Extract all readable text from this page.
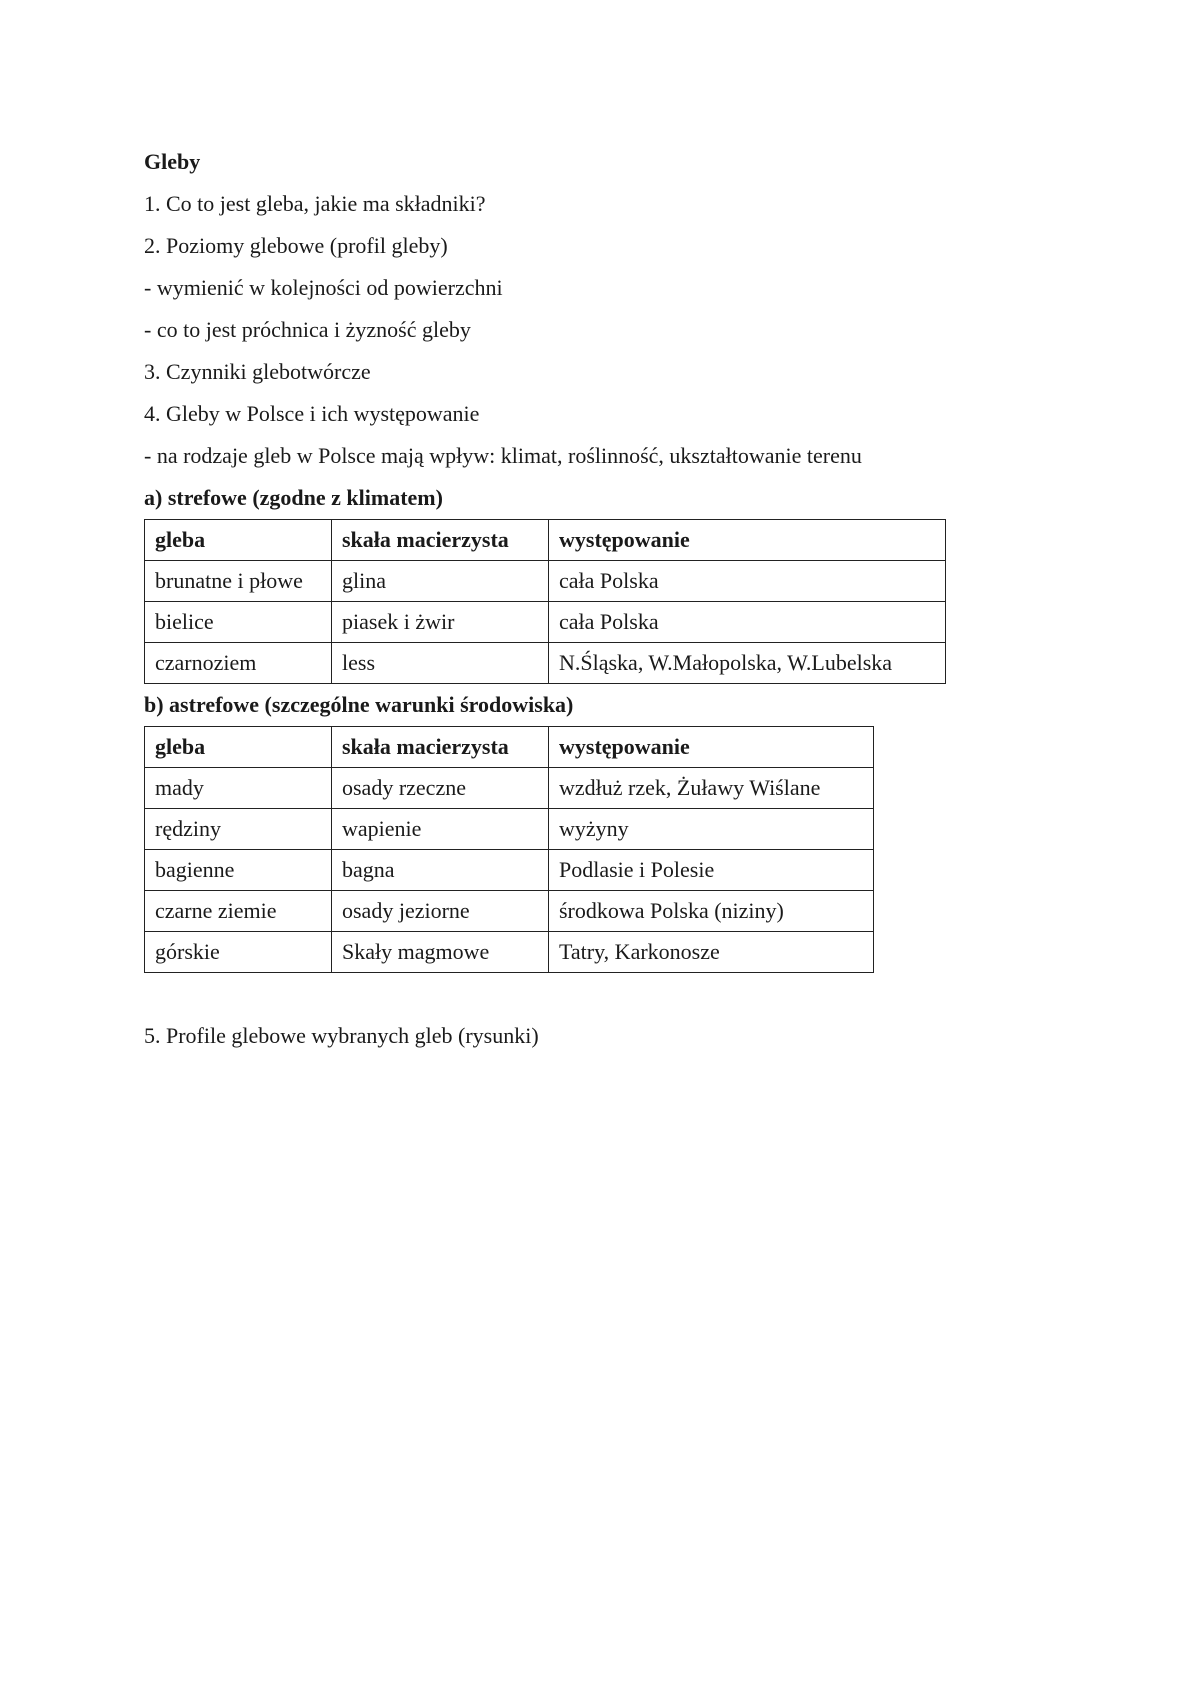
Gleby
1. Co to jest gleba, jakie ma składniki?
2. Poziomy glebowe (profil gleby)
- wymienić w kolejności od powierzchni
- co to jest próchnica i żyzność gleby
3. Czynniki glebotwórcze
4. Gleby w Polsce i ich występowanie
- na rodzaje gleb w Polsce mają wpływ: klimat, roślinność, ukształtowanie terenu
a) strefowe (zgodne z klimatem)
gleba	skała macierzysta	występowanie
brunatne i płowe	glina	cała Polska
bielice	piasek i żwir	cała Polska
czarnoziem	less	N.Śląska, W.Małopolska, W.Lubelska
b) astrefowe (szczególne warunki środowiska)
gleba	skała macierzysta	występowanie
mady	osady rzeczne	wzdłuż rzek, Żuławy Wiślane
rędziny	wapienie	wyżyny
bagienne	bagna	Podlasie i Polesie
czarne ziemie	osady jeziorne	środkowa Polska (niziny)
górskie	Skały magmowe	Tatry, Karkonosze
5. Profile glebowe wybranych gleb (rysunki)
